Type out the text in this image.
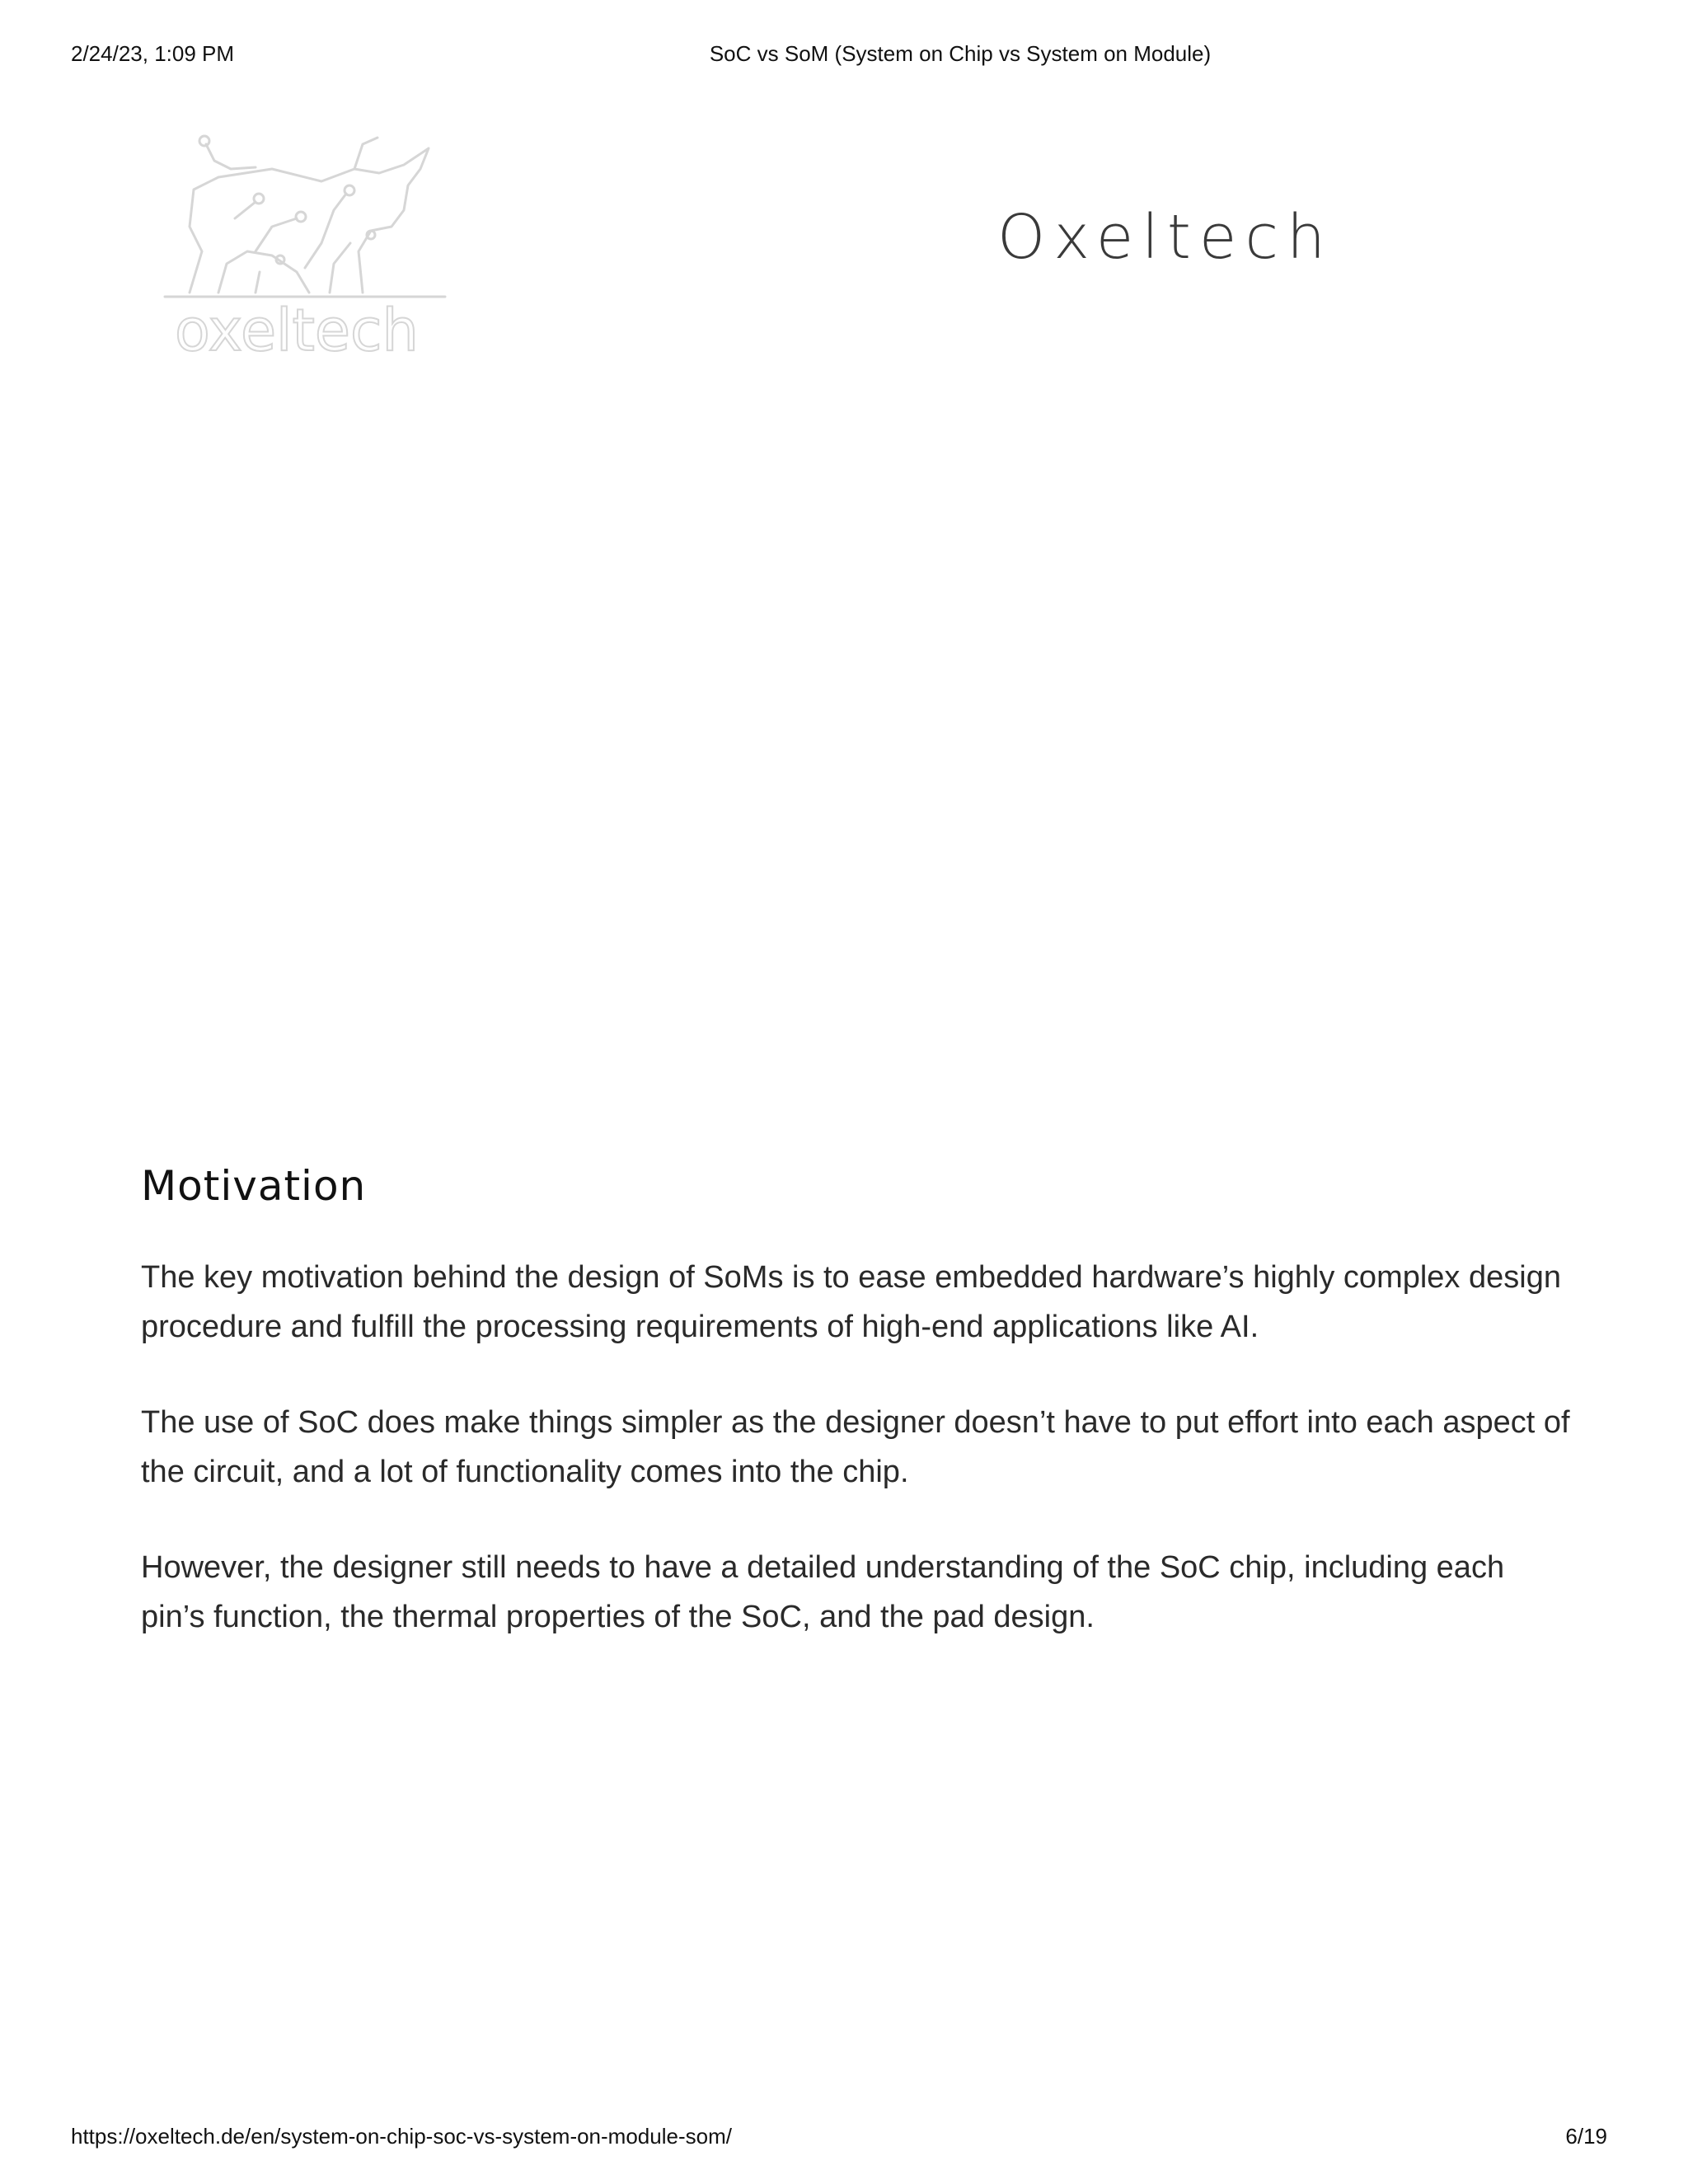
2/24/23, 1:09 PM	SoC vs SoM (System on Chip vs System on Module)
oxeltech
Oxeltech
Motivation

The key motivation behind the design of SoMs is to ease embedded hardware’s highly complex design procedure and fulfill the processing requirements of high-end applications like AI.

The use of SoC does make things simpler as the designer doesn’t have to put effort into each aspect of the circuit, and a lot of functionality comes into the chip.

However, the designer still needs to have a detailed understanding of the SoC chip, including each pin’s function, the thermal properties of the SoC, and the pad design.

https://oxeltech.de/en/system-on-chip-soc-vs-system-on-module-som/	6/19
